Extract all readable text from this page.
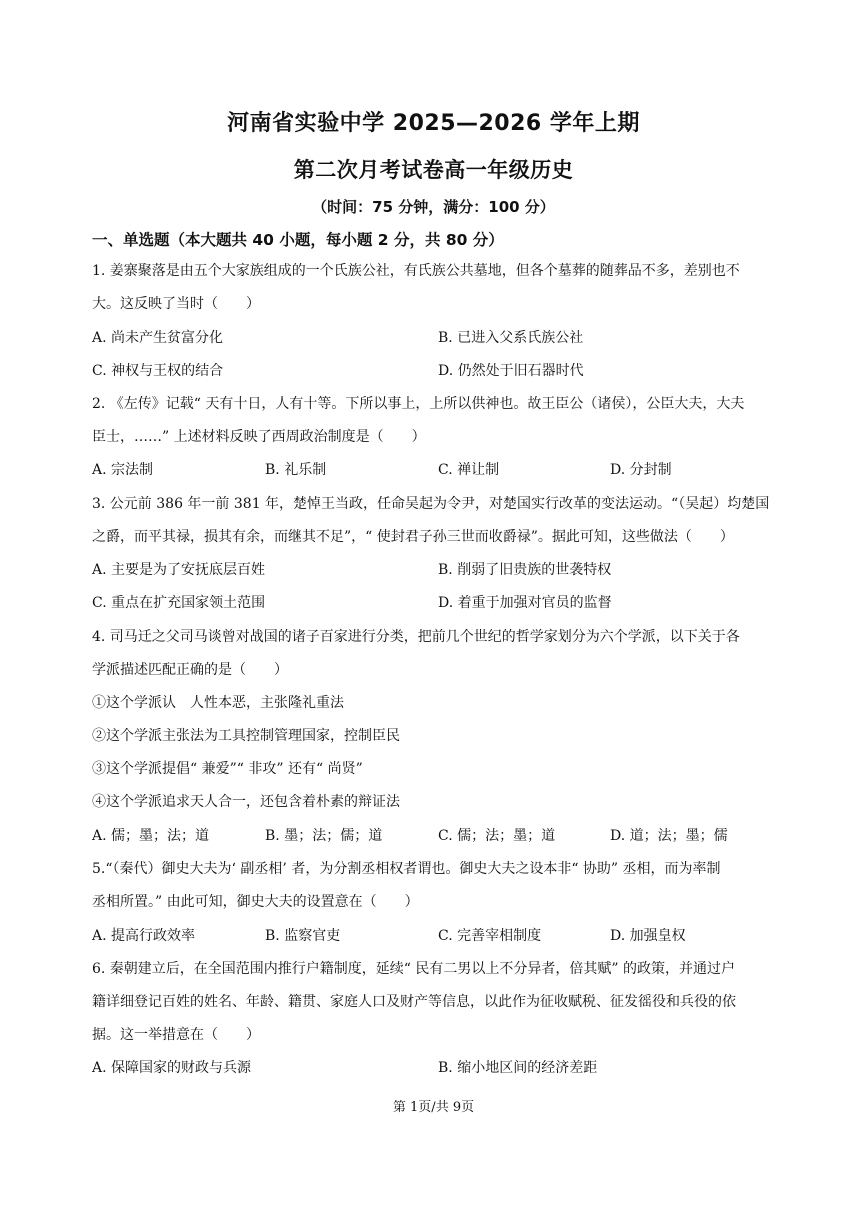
河南省实验中学 2025—2026 学年上期
第二次月考试卷高一年级历史
（时间：75 分钟，满分：100 分）
一、单选题（本大题共 40 小题，每小题 2 分，共 80 分）
1. 姜寨聚落是由五个大家族组成的一个氏族公社，有氏族公共墓地，但各个墓葬的随葬品不多，差别也不
大。这反映了当时（　　）
A. 尚未产生贫富分化	B. 已进入父系氏族公社
C. 神权与王权的结合	D. 仍然处于旧石器时代
2. 《左传》记载“ 天有十日，人有十等。下所以事上，上所以供神也。故王臣公（诸侯），公臣大夫，大夫
臣士，……” 上述材料反映了西周政治制度是（　　）
A. 宗法制	B. 礼乐制	C. 禅让制	D. 分封制
3. 公元前 386 年一前 381 年，楚悼王当政，任命吴起为令尹，对楚国实行改革的变法运动。“（吴起）均楚国
之爵，而平其禄，损其有余，而继其不足”，“ 使封君子孙三世而收爵禄”。据此可知，这些做法（　　）
A. 主要是为了安抚底层百姓	B. 削弱了旧贵族的世袭特权
C. 重点在扩充国家领土范围	D. 着重于加强对官员的监督
4. 司马迁之父司马谈曾对战国的诸子百家进行分类，把前几个世纪的哲学家划分为六个学派，以下关于各
学派描述匹配正确的是（　　）
①这个学派认　人性本恶，主张隆礼重法
②这个学派主张法为工具控制管理国家，控制臣民
③这个学派提倡“ 兼爱”“ 非攻” 还有“ 尚贤”
④这个学派追求天人合一，还包含着朴素的辩证法
A. 儒；墨；法；道	B. 墨；法；儒；道	C. 儒；法；墨；道	D. 道；法；墨；儒
5.“（秦代）御史大夫为‘ 副丞相’ 者，为分割丞相权者谓也。御史大夫之设本非“ 协助” 丞相，而为率制
丞相所置。” 由此可知，御史大夫的设置意在（　　）
A. 提高行政效率	B. 监察官吏	C. 完善宰相制度	D. 加强皇权
6. 秦朝建立后，在全国范围内推行户籍制度，延续“ 民有二男以上不分异者，倍其赋” 的政策，并通过户
籍详细登记百姓的姓名、年龄、籍贯、家庭人口及财产等信息，以此作为征收赋税、征发徭役和兵役的依
据。这一举措意在（　　）
A. 保障国家的财政与兵源	B. 缩小地区间的经济差距
第 1页/共 9页
